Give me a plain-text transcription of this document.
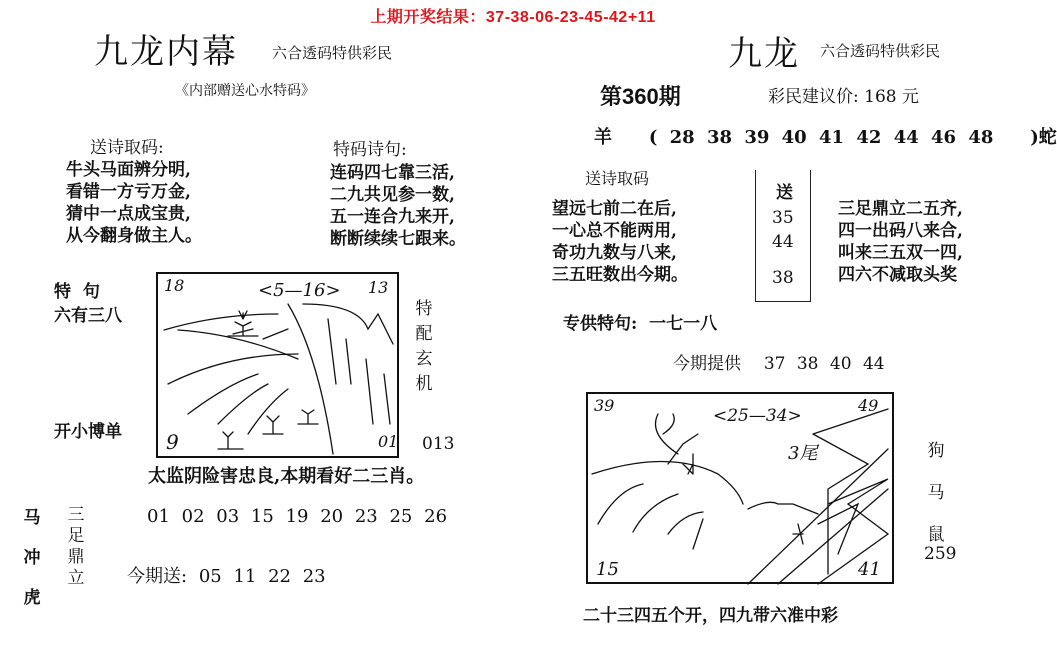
上期开奖结果：37-38-06-23-45-42+11
九龙内幕 六合透码特供彩民
《内部赠送心水特码》
送诗取码:
牛头马面辨分明,
看错一方亏万金,
猜中一点成宝贵,
从今翻身做主人。
特码诗句:
连码四七靠三活,
二九共见参一数,
五一连合九来开,
断断续续七跟来。
特  句
六有三八
开小博单
18	<5—16> 13
9	01
特
配
玄
机
013
太监阴险害忠良,本期看好二三肖。
马
冲
虎
三
足
鼎
立
01 02 03 15 19 20 23 25 26
今期送: 05 11 22 23
九龙 六合透码特供彩民
第360期	彩民建议价: 168 元
羊 ( 28 38 39 40 41 42 44 46 48 )蛇
送诗取码
望远七前二在后,
一心总不能两用,
奇功九数与八来,
三五旺数出今期。
送
35
44
38
三足鼎立二五齐,
四一出码八来合,
叫来三五双一四,
四六不减取头奖
专供特句: 一七一八
今期提供 37 38 40 44
39
<25—34>
49
3尾
15	41
狗
马
鼠
259
二十三四五个开，四九带六准中彩
